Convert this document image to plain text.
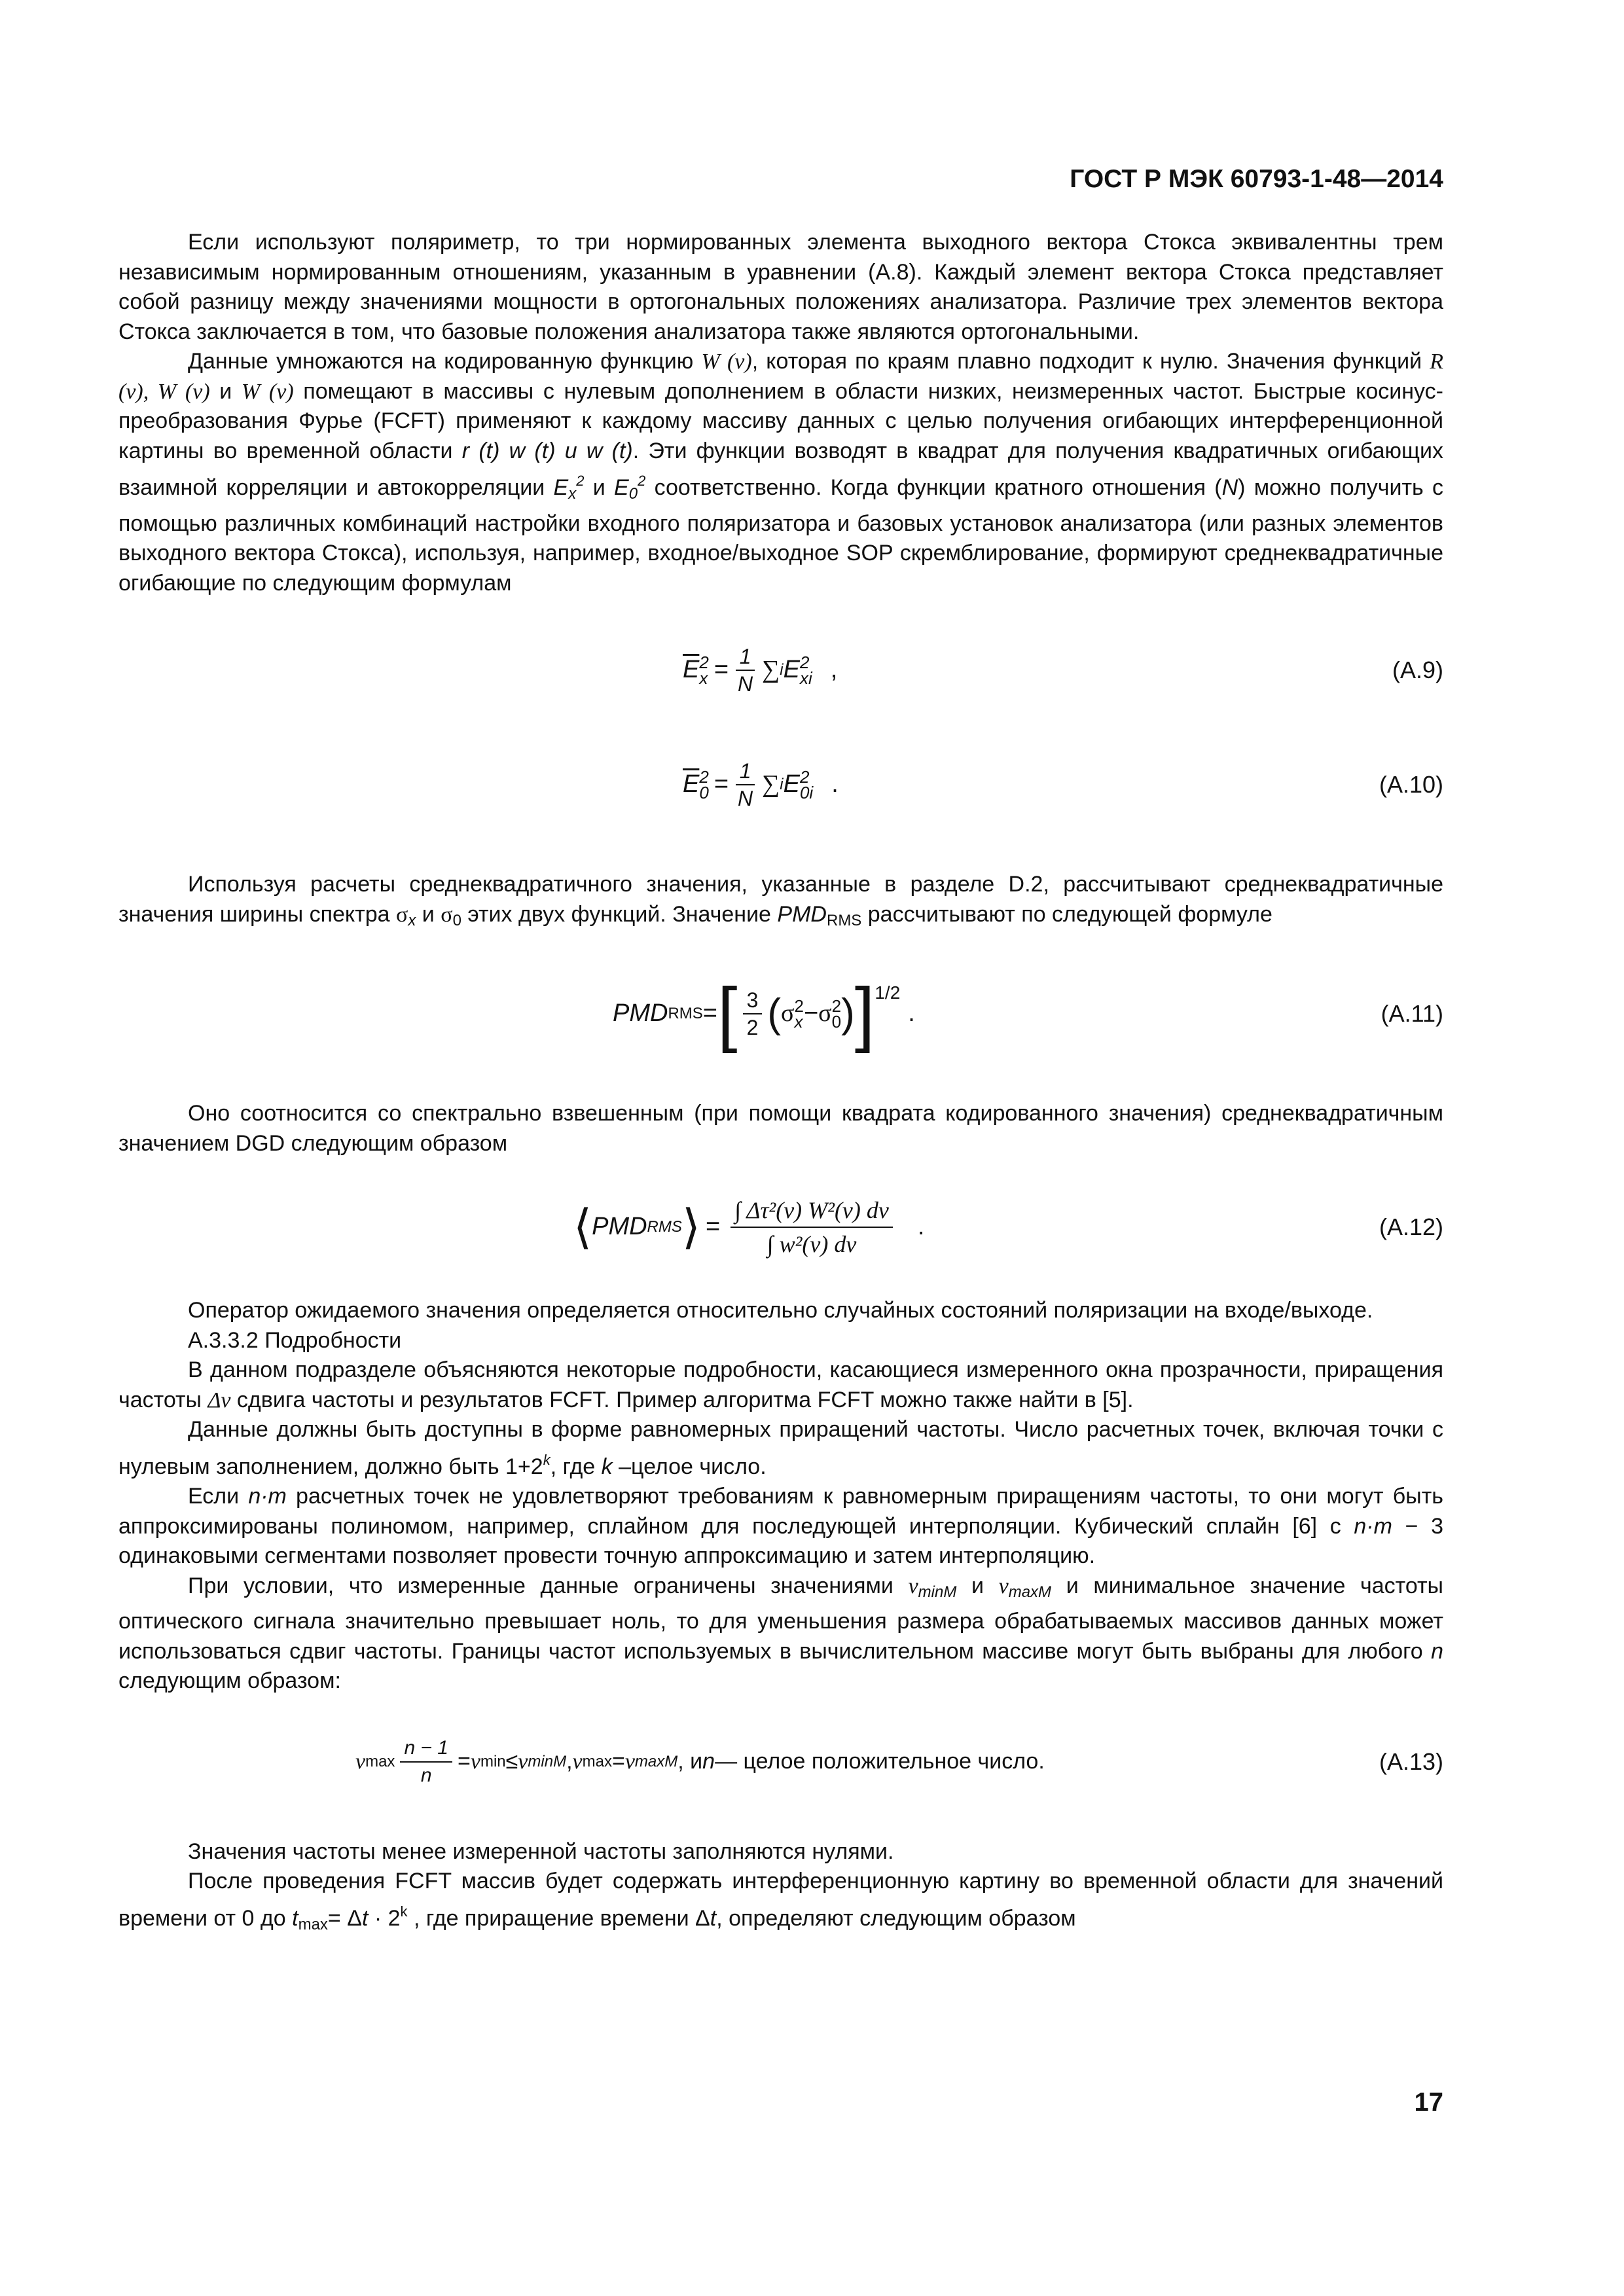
ГОСТ Р МЭК 60793-1-48—2014

Если используют поляриметр, то три нормированных элемента выходного вектора Стокса эквивалентны трем независимым нормированным отношениям, указанным в уравнении (А.8). Каждый элемент вектора Стокса представляет собой разницу между значениями мощности в ортогональных положениях анализатора. Различие трех элементов вектора Стокса заключается в том, что базовые положения анализатора также являются ортогональными.

Данные умножаются на кодированную функцию W (ν), которая по краям плавно подходит к нулю. Значения функций R (ν), W (ν) и W (ν) помещают в массивы с нулевым дополнением в области низких, неизмеренных частот. Быстрые косинус-преобразования Фурье (FCFT) применяют к каждому массиву данных с целью получения огибающих интерференционной картины во временной области r (t) w (t) и w (t). Эти функции возводят в квадрат для получения квадратичных огибающих взаимной корреляции и автокорреляции $E_x^2$ и $E_0^2$ соответственно. Когда функции кратного отношения (N) можно получить с помощью различных комбинаций настройки входного поляризатора и базовых установок анализатора (или разных элементов выходного вектора Стокса), используя, например, входное/выходное SOP скремблирование, формируют среднеквадратичные огибающие по следующим формулам

$\overline{E}$ 2
$x = \frac{1}{N}$ ∑ i E 2
xi ,	(А.9)
$\overline{E}$ 2
$0 = \frac{1}{N}$ ∑ i E 2
0i .	(А.10)

Используя расчеты среднеквадратичного значения, указанные в разделе D.2, рассчитывают среднеквадратичные значения ширины спектра $\sigma_x$ и $\sigma_0$ этих двух функций. Значение $PMD_{RMS}$ рассчитывают по следующей формуле

PMD RMS = [ $\frac{3}{2}$ ( σ 2
x − σ 2
0 ) ] 1/2
.	(А.11)

Оно соотносится со спектрально взвешенным (при помощи квадрата кодированного значения) среднеквадратичным значением DGD следующим образом

⟨ PMD RMS ⟩ = $\frac{\text{∫ Δτ²(ν) W²(ν) dν}}{\text{∫ w²(ν) dν}}$ .	(А.12)

Оператор ожидаемого значения определяется относительно случайных состояний поляризации на входе/выходе.

А.3.3.2 Подробности

В данном подразделе объясняются некоторые подробности, касающиеся измеренного окна прозрачности, приращения частоты Δν сдвига частоты и результатов FCFT. Пример алгоритма FCFT можно также найти в [5].

Данные должны быть доступны в форме равномерных приращений частоты. Число расчетных точек, включая точки с нулевым заполнением, должно быть $1+2^k$, где k –целое число.

Если n·m расчетных точек не удовлетворяют требованиям к равномерным приращениям частоты, то они могут быть аппроксимированы полиномом, например, сплайном для последующей интерполяции. Кубический сплайн [6] с n·m − 3 одинаковыми сегментами позволяет провести точную аппроксимацию и затем интерполяцию.

При условии, что измеренные данные ограничены значениями $\nu_{minM}$ и $\nu_{maxM}$ и минимальное значение частоты оптического сигнала значительно превышает ноль, то для уменьшения размера обрабатываемых массивов данных может использоваться сдвиг частоты. Границы частот используемых в вычислительном массиве могут быть выбраны для любого n следующим образом:

ν $\max \frac{n - 1}{n} = \nu$ min ≤ ν minM , ν max = ν maxM , и n — целое положительное число.	(А.13)

Значения частоты менее измеренной частоты заполняются нулями.

После проведения FCFT массив будет содержать интерференционную картину во временной области для значений времени от 0 до $t_{max}= \Delta t \cdot 2^k$ , где приращение времени Δt, определяют следующим образом

17
